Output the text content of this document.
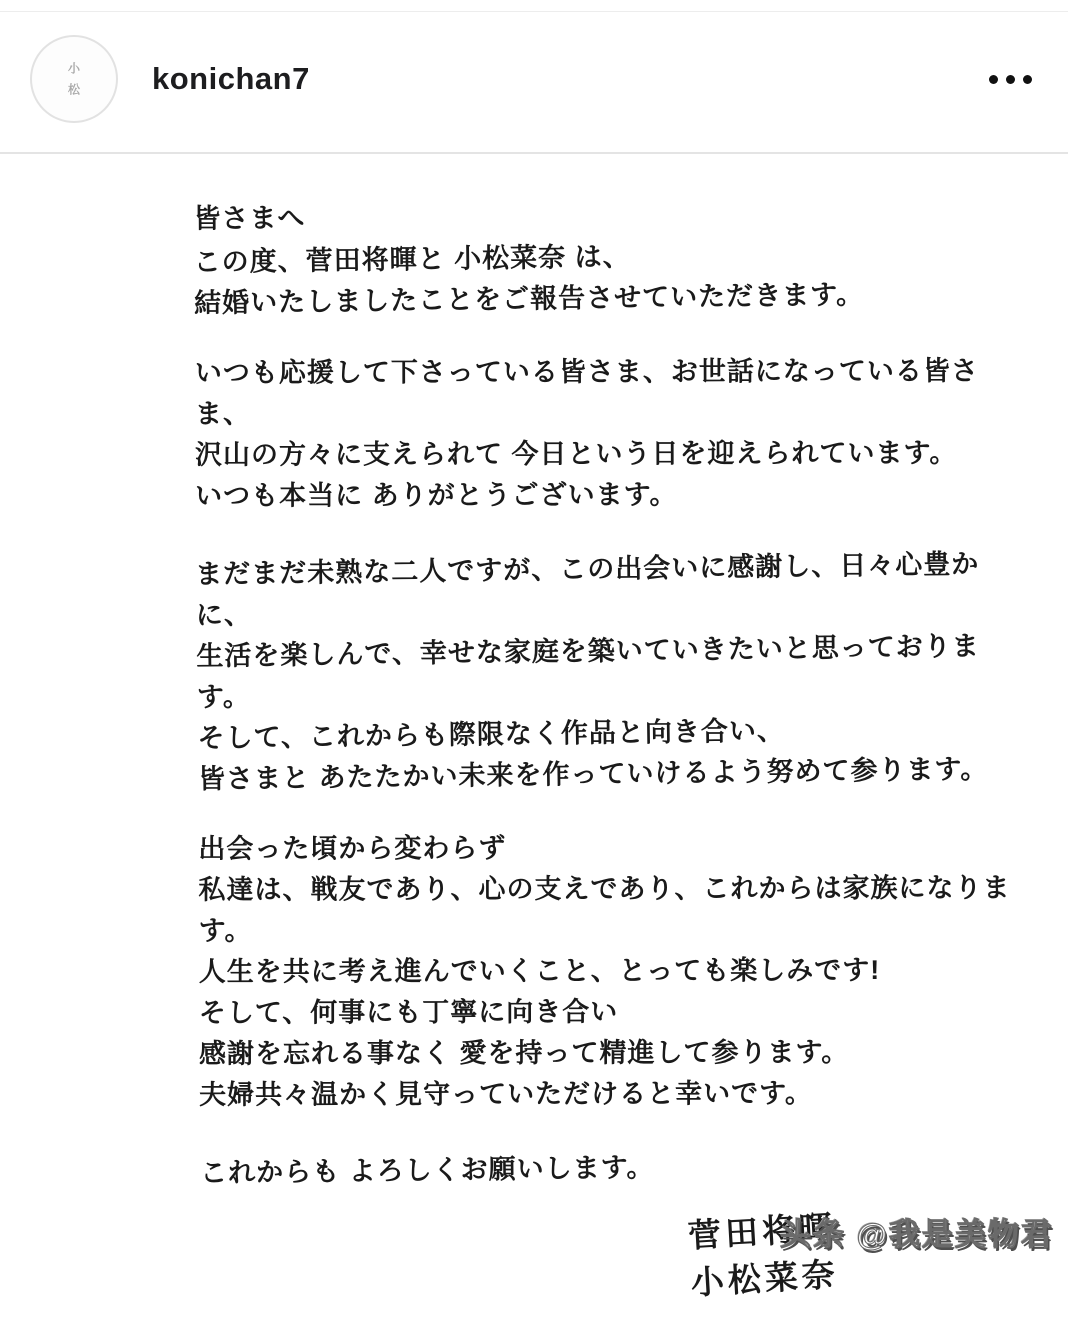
小松 konichan7

皆さまへ

この度、菅田将暉と 小松菜奈 は、

結婚いたしましたことをご報告させていただきます。

いつも応援して下さっている皆さま、お世話になっている皆さま、

沢山の方々に支えられて 今日という日を迎えられています。

いつも本当に ありがとうございます。

まだまだ未熟な二人ですが、この出会いに感謝し、日々心豊かに、

生活を楽しんで、幸せな家庭を築いていきたいと思っております。

そして、これからも際限なく作品と向き合い、

皆さまと あたたかい未来を作っていけるよう努めて参ります。

出会った頃から変わらず

私達は、戦友であり、心の支えであり、これからは家族になります。

人生を共に考え進んでいくこと、とっても楽しみです!

そして、何事にも丁寧に向き合い

感謝を忘れる事なく 愛を持って精進して参ります。

夫婦共々温かく見守っていただけると幸いです。

これからも よろしくお願いします。

菅田将暉

小松菜奈

头条 @我是美物君
